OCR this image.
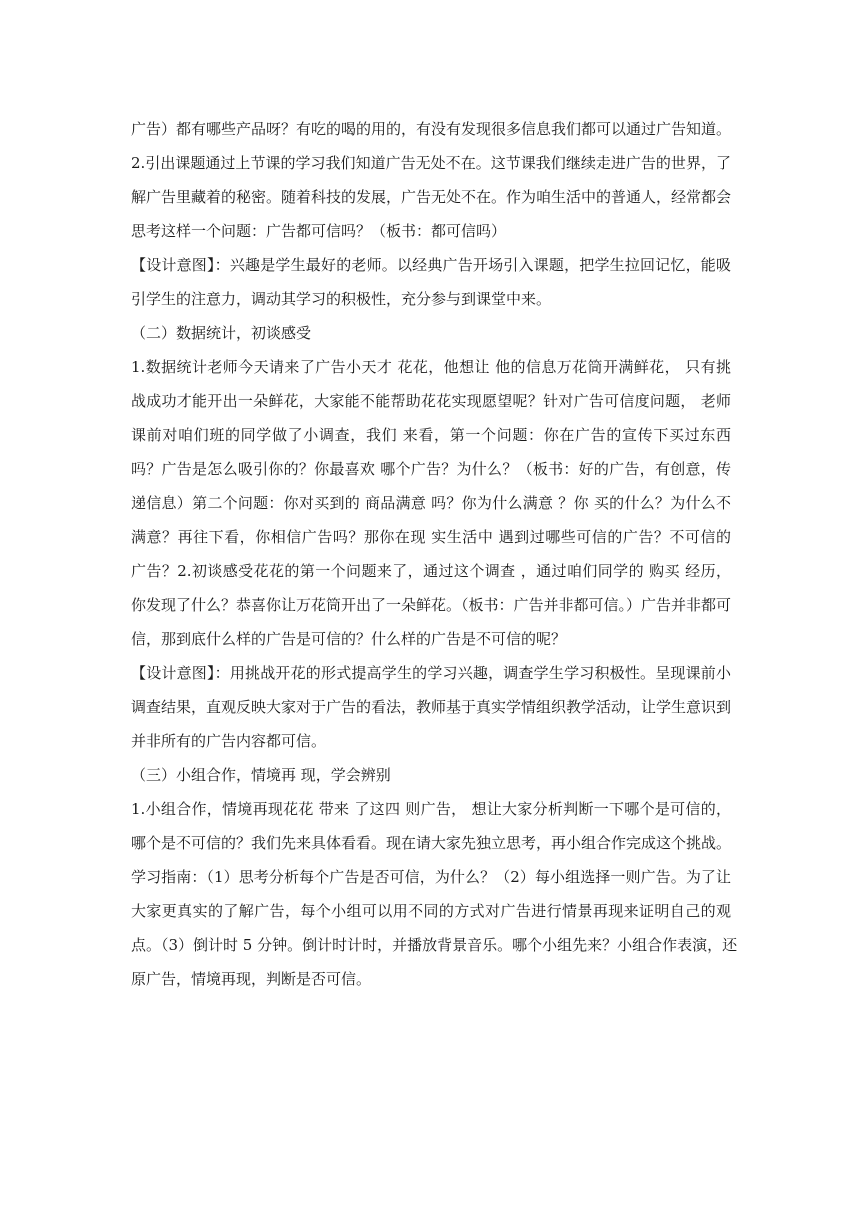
广告）都有哪些产品呀？有吃的喝的用的，有没有发现很多信息我们都可以通过广告知道。
2.引出课题通过上节课的学习我们知道广告无处不在。这节课我们继续走进广告的世界，了
解广告里藏着的秘密。随着科技的发展，广告无处不在。作为咱生活中的普通人，经常都会
思考这样一个问题：广告都可信吗？（板书：都可信吗）
【设计意图】：兴趣是学生最好的老师。以经典广告开场引入课题，把学生拉回记忆，能吸
引学生的注意力，调动其学习的积极性，充分参与到课堂中来。
（二）数据统计，初谈感受
1.数据统计老师今天请来了广告小天才 花花，他想让 他的信息万花筒开满鲜花， 只有挑
战成功才能开出一朵鲜花，大家能不能帮助花花实现愿望呢？针对广告可信度问题， 老师
课前对咱们班的同学做了小调查，我们 来看，第一个问题：你在广告的宣传下买过东西
吗？广告是怎么吸引你的？你最喜欢 哪个广告？为什么？（板书：好的广告，有创意，传
递信息）第二个问题：你对买到的 商品满意 吗？你为什么满意 ？你 买的什么？为什么不
满意？再往下看，你相信广告吗？那你在现 实生活中 遇到过哪些可信的广告？不可信的
广告？2.初谈感受花花的第一个问题来了，通过这个调查 ，通过咱们同学的 购买 经历，
你发现了什么？恭喜你让万花筒开出了一朵鲜花。（板书：广告并非都可信。）广告并非都可
信，那到底什么样的广告是可信的？什么样的广告是不可信的呢？
【设计意图】：用挑战开花的形式提高学生的学习兴趣，调查学生学习积极性。呈现课前小
调查结果，直观反映大家对于广告的看法，教师基于真实学情组织教学活动，让学生意识到
并非所有的广告内容都可信。
（三）小组合作，情境再 现，学会辨别
1.小组合作，情境再现花花 带来 了这四 则广告， 想让大家分析判断一下哪个是可信的，
哪个是不可信的？我们先来具体看看。现在请大家先独立思考，再小组合作完成这个挑战。
学习指南：（1）思考分析每个广告是否可信，为什么？（2）每小组选择一则广告。为了让
大家更真实的了解广告，每个小组可以用不同的方式对广告进行情景再现来证明自己的观
点。（3）倒计时 5 分钟。倒计时计时，并播放背景音乐。哪个小组先来？小组合作表演，还
原广告，情境再现，判断是否可信。
